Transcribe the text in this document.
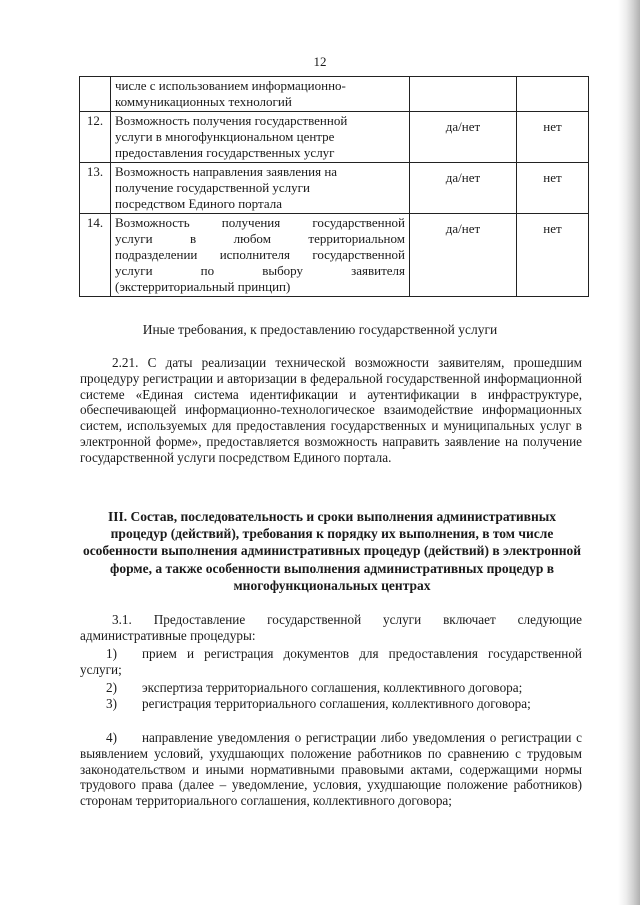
12

	числе с использованием информационно-
коммуникационных технологий		

12.	Возможность получения государственной
услуги в многофункциональном центре
предоставления государственных услуг	да/нет	нет

13.	Возможность направления заявления на
получение государственной услуги
посредством Единого портала	да/нет	нет

14.	Возможность получения государственной
услуги в любом территориальном
подразделении исполнителя государственной
услуги по выбору заявителя
(экстерриториальный принцип)	да/нет	нет
Иные требования, к предоставлению государственной услуги

2.21. С даты реализации технической возможности заявителям, прошедшим процедуру регистрации и авторизации в федеральной государственной информационной системе «Единая система идентификации и аутентификации в инфраструктуре, обеспечивающей информационно-технологическое взаимодействие информационных систем, используемых для предоставления государственных и муниципальных услуг в электронной форме», предоставляется возможность направить заявление на получение государственной услуги посредством Единого портала.

III. Состав, последовательность и сроки выполнения административных процедур (действий), требования к порядку их выполнения, в том числе особенности выполнения административных процедур (действий) в электронной форме, а также особенности выполнения административных процедур в многофункциональных центрах

3.1. Предоставление государственной услуги включает следующие административные процедуры:

1) прием и регистрация документов для предоставления государственной услуги;

2) экспертиза территориального соглашения, коллективного договора;

3) регистрация территориального соглашения, коллективного договора;

4) направление уведомления о регистрации либо уведомления о регистрации с выявлением условий, ухудшающих положение работников по сравнению с трудовым законодательством и иными нормативными правовыми актами, содержащими нормы трудового права (далее – уведомление, условия, ухудшающие положение работников) сторонам территориального соглашения, коллективного договора;
